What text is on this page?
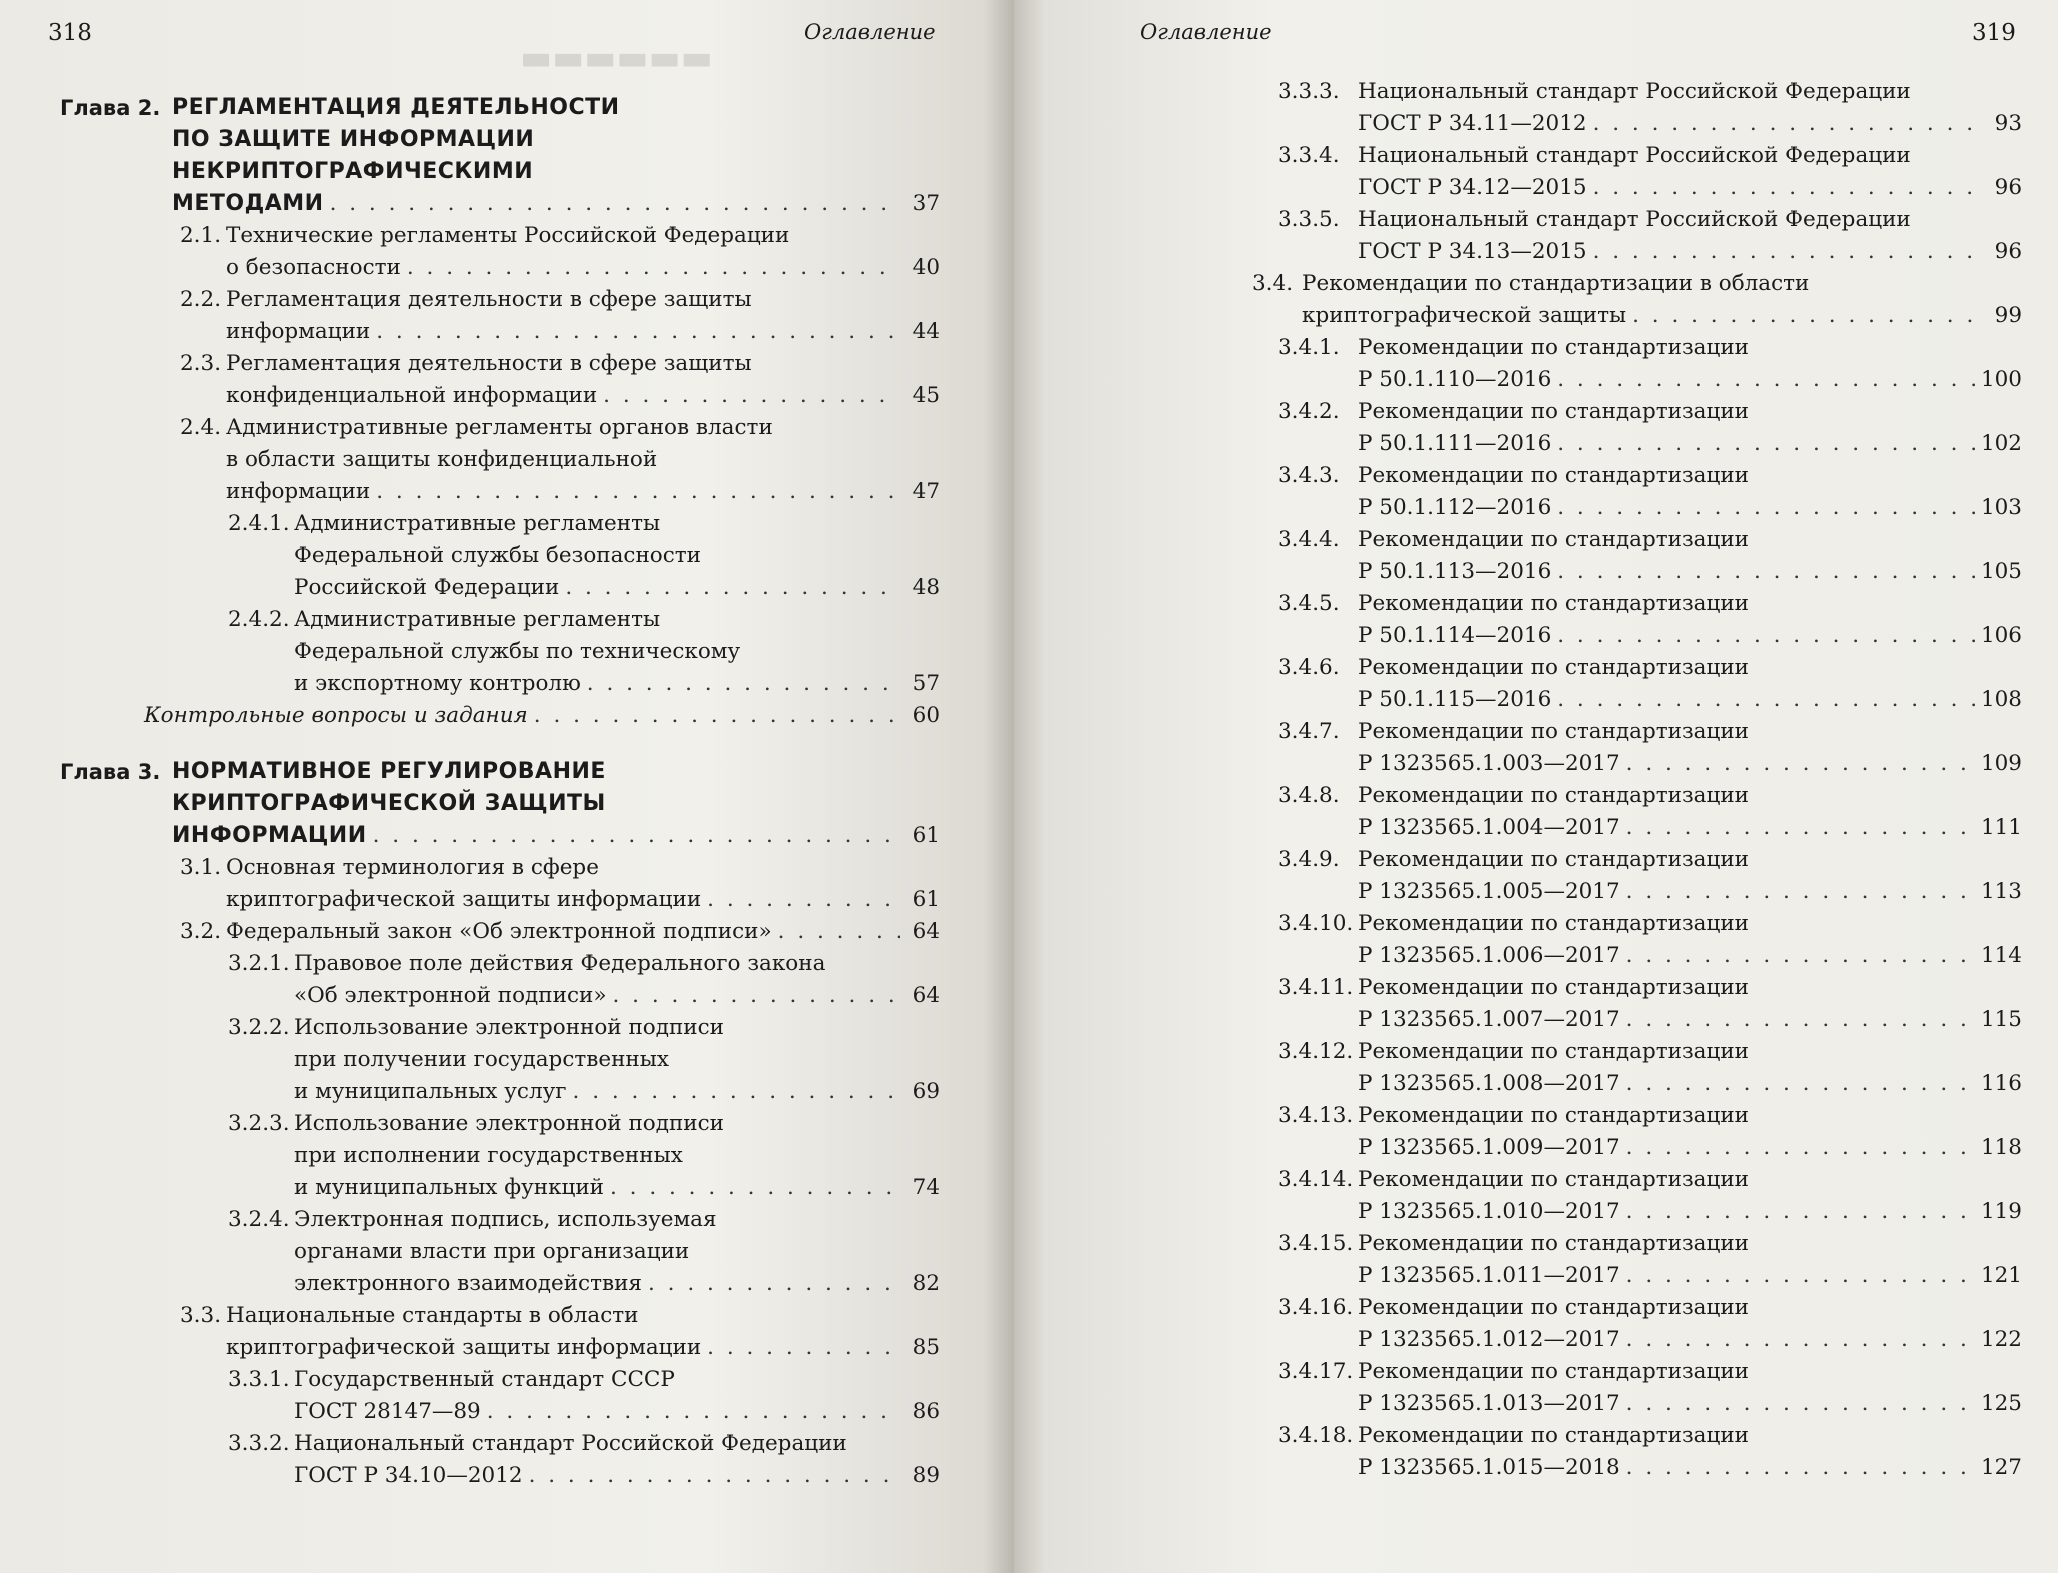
▬▬▬▬▬▬
318	Оглавление
Глава 2. РЕГЛАМЕНТАЦИЯ ДЕЯТЕЛЬНОСТИ
ПО ЗАЩИТЕ ИНФОРМАЦИИ
НЕКРИПТОГРАФИЧЕСКИМИ
МЕТОДАМИ . . .	37
2.1. Технические регламенты Российской Федерации
о безопасности . . .	40
2.2. Регламентация деятельности в сфере защиты
информации . . .	44
2.3. Регламентация деятельности в сфере защиты
конфиденциальной информации . . .	45
2.4. Административные регламенты органов власти
в области защиты конфиденциальной
информации . . .	47
2.4.1. Административные регламенты
Федеральной службы безопасности
Российской Федерации . . .	48
2.4.2. Административные регламенты
Федеральной службы по техническому
и экспортному контролю . . .	57
Контрольные вопросы и задания . . .	60
Глава 3. НОРМАТИВНОЕ РЕГУЛИРОВАНИЕ
КРИПТОГРАФИЧЕСКОЙ ЗАЩИТЫ
ИНФОРМАЦИИ . . .	61
3.1. Основная терминология в сфере
криптографической защиты информации . . .	61
3.2. Федеральный закон «Об электронной подписи» . . .	64
3.2.1. Правовое поле действия Федерального закона
«Об электронной подписи» . . .	64
3.2.2. Использование электронной подписи
при получении государственных
и муниципальных услуг . . .	69
3.2.3. Использование электронной подписи
при исполнении государственных
и муниципальных функций . . .	74
3.2.4. Электронная подпись, используемая
органами власти при организации
электронного взаимодействия . . .	82
3.3. Национальные стандарты в области
криптографической защиты информации . . .	85
3.3.1. Государственный стандарт СССР
ГОСТ 28147—89 . . .	86
3.3.2. Национальный стандарт Российской Федерации
ГОСТ Р 34.10—2012 . . .	89
Оглавление	319
3.3.3. Национальный стандарт Российской Федерации
ГОСТ Р 34.11—2012 . . .	93
3.3.4. Национальный стандарт Российской Федерации
ГОСТ Р 34.12—2015 . . .	96
3.3.5. Национальный стандарт Российской Федерации
ГОСТ Р 34.13—2015 . . .	96
3.4. Рекомендации по стандартизации в области
криптографической защиты . . .	99
3.4.1. Рекомендации по стандартизации
Р 50.1.110—2016 . . .	100
3.4.2. Рекомендации по стандартизации
Р 50.1.111—2016 . . .	102
3.4.3. Рекомендации по стандартизации
Р 50.1.112—2016 . . .	103
3.4.4. Рекомендации по стандартизации
Р 50.1.113—2016 . . .	105
3.4.5. Рекомендации по стандартизации
Р 50.1.114—2016 . . .	106
3.4.6. Рекомендации по стандартизации
Р 50.1.115—2016 . . .	108
3.4.7. Рекомендации по стандартизации
Р 1323565.1.003—2017 . . .	109
3.4.8. Рекомендации по стандартизации
Р 1323565.1.004—2017 . . .	111
3.4.9. Рекомендации по стандартизации
Р 1323565.1.005—2017 . . .	113
3.4.10. Рекомендации по стандартизации
Р 1323565.1.006—2017 . . .	114
3.4.11. Рекомендации по стандартизации
Р 1323565.1.007—2017 . . .	115
3.4.12. Рекомендации по стандартизации
Р 1323565.1.008—2017 . . .	116
3.4.13. Рекомендации по стандартизации
Р 1323565.1.009—2017 . . .	118
3.4.14. Рекомендации по стандартизации
Р 1323565.1.010—2017 . . .	119
3.4.15. Рекомендации по стандартизации
Р 1323565.1.011—2017 . . .	121
3.4.16. Рекомендации по стандартизации
Р 1323565.1.012—2017 . . .	122
3.4.17. Рекомендации по стандартизации
Р 1323565.1.013—2017 . . .	125
3.4.18. Рекомендации по стандартизации
Р 1323565.1.015—2018 . . .	127
